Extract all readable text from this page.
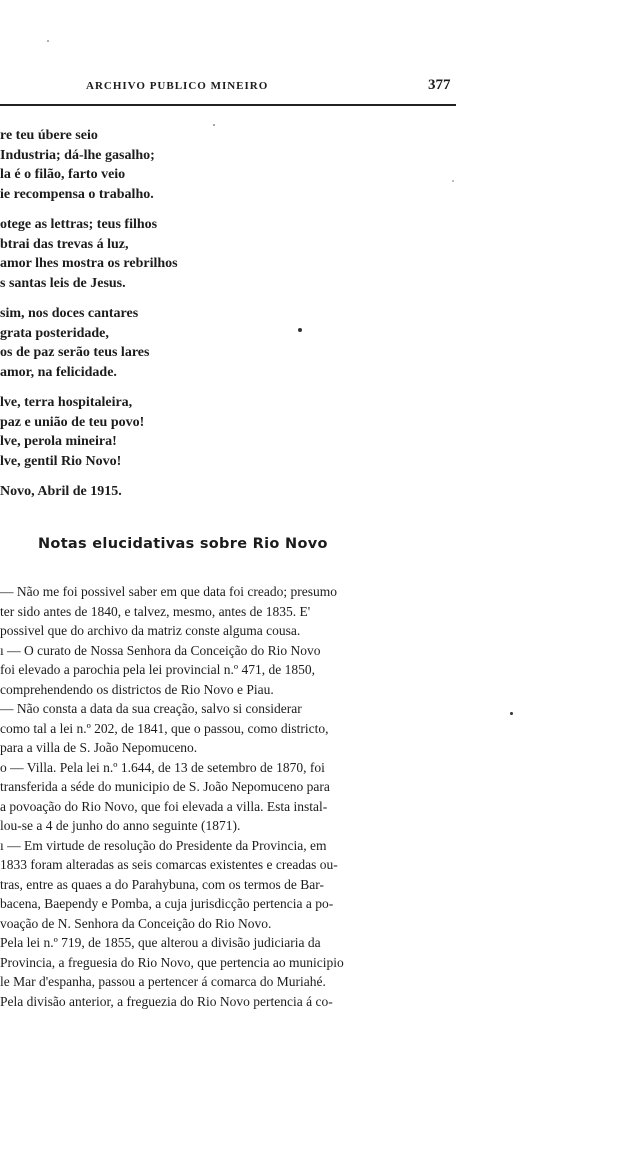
ARCHIVO PUBLICO MINEIRO	377
re teu úbere seio
Industria; dá-lhe gasalho;
la é o filão, farto veio
ie recompensa o trabalho.
otege as lettras; teus filhos
btrai das trevas á luz,
amor lhes mostra os rebrilhos
s santas leis de Jesus.
sim, nos doces cantares
grata posteridade,
os de paz serão teus lares
amor, na felicidade.
lve, terra hospitaleira,
paz e união de teu povo!
lve, perola mineira!
lve, gentil Rio Novo!
Novo, Abril de 1915.
Notas elucidativas sobre Rio Novo
— Não me foi possivel saber em que data foi creado; presumo
ter sido antes de 1840, e talvez, mesmo, antes de 1835. E'
possivel que do archivo da matriz conste alguma cousa.
ı — O curato de Nossa Senhora da Conceição do Rio Novo
foi elevado a parochia pela lei provincial n.º 471, de 1850,
comprehendendo os districtos de Rio Novo e Piau.
— Não consta a data da sua creação, salvo si considerar
como tal a lei n.º 202, de 1841, que o passou, como districto,
para a villa de S. João Nepomuceno.
o — Villa. Pela lei n.º 1.644, de 13 de setembro de 1870, foi
transferida a séde do municipio de S. João Nepomuceno para
a povoação do Rio Novo, que foi elevada a villa. Esta instal-
lou-se a 4 de junho do anno seguinte (1871).
ı — Em virtude de resolução do Presidente da Provincia, em
1833 foram alteradas as seis comarcas existentes e creadas ou-
tras, entre as quaes a do Parahybuna, com os termos de Bar-
bacena, Baependy e Pomba, a cuja jurisdicção pertencia a po-
voação de N. Senhora da Conceição do Rio Novo.
Pela lei n.º 719, de 1855, que alterou a divisão judiciaria da
Provincia, a freguesia do Rio Novo, que pertencia ao municipio
le Mar d'espanha, passou a pertencer á comarca do Muriahé.
Pela divisão anterior, a freguezia do Rio Novo pertencia á co-
